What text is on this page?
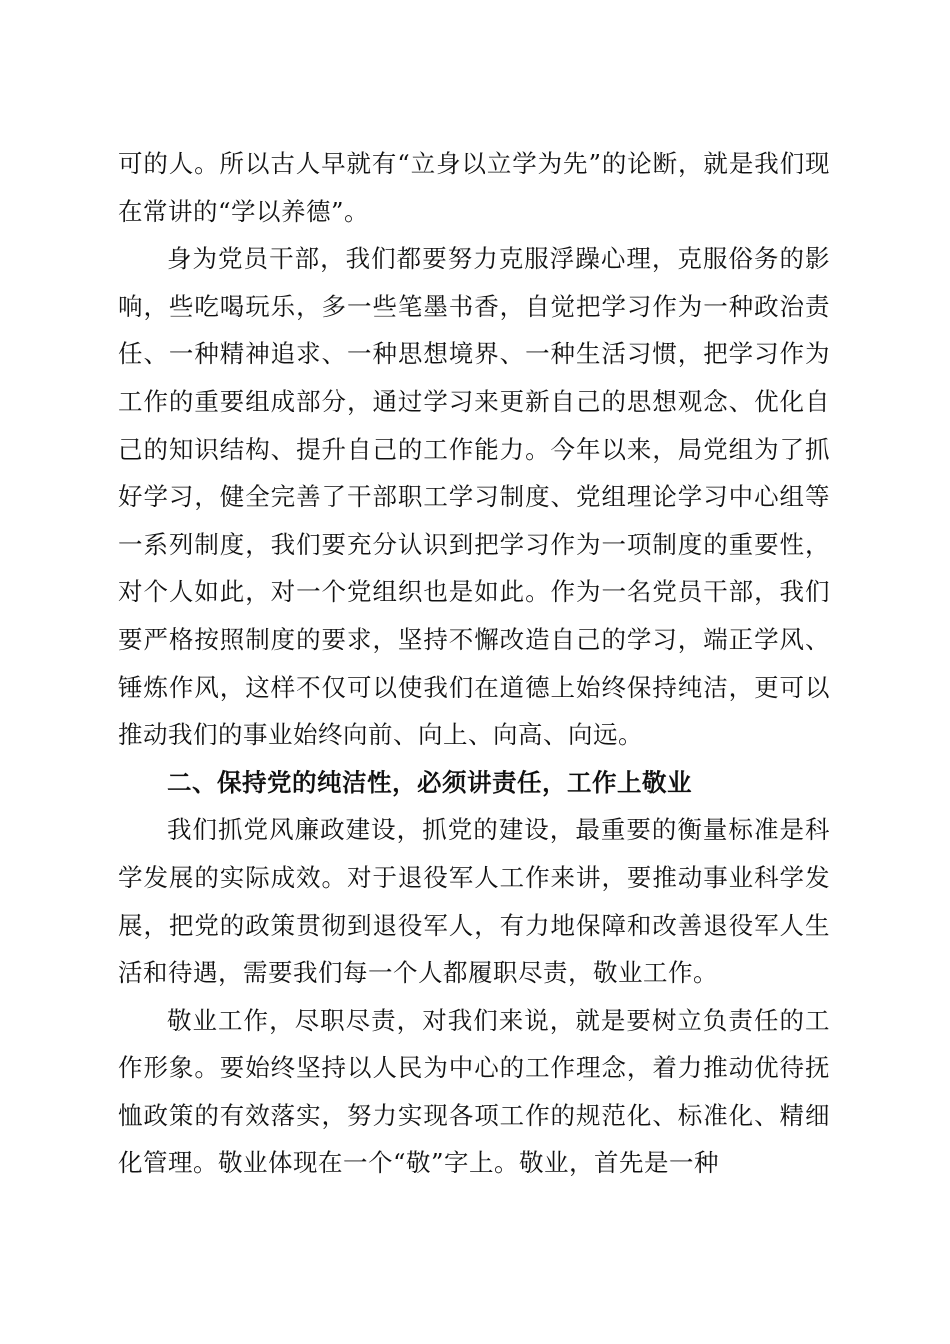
可的人。所以古人早就有“立身以立学为先”的论断，就是我们现在常讲的“学以养德”。

身为党员干部，我们都要努力克服浮躁心理，克服俗务的影响，些吃喝玩乐，多一些笔墨书香，自觉把学习作为一种政治责任、一种精神追求、一种思想境界、一种生活习惯，把学习作为工作的重要组成部分，通过学习来更新自己的思想观念、优化自己的知识结构、提升自己的工作能力。今年以来，局党组为了抓好学习，健全完善了干部职工学习制度、党组理论学习中心组等一系列制度，我们要充分认识到把学习作为一项制度的重要性，对个人如此，对一个党组织也是如此。作为一名党员干部，我们要严格按照制度的要求，坚持不懈改造自己的学习，端正学风、锤炼作风，这样不仅可以使我们在道德上始终保持纯洁，更可以推动我们的事业始终向前、向上、向高、向远。

二、保持党的纯洁性，必须讲责任，工作上敬业

我们抓党风廉政建设，抓党的建设，最重要的衡量标准是科学发展的实际成效。对于退役军人工作来讲，要推动事业科学发展，把党的政策贯彻到退役军人，有力地保障和改善退役军人生活和待遇，需要我们每一个人都履职尽责，敬业工作。

敬业工作，尽职尽责，对我们来说，就是要树立负责任的工作形象。要始终坚持以人民为中心的工作理念，着力推动优待抚恤政策的有效落实，努力实现各项工作的规范化、标准化、精细化管理。敬业体现在一个“敬”字上。敬业，首先是一种
